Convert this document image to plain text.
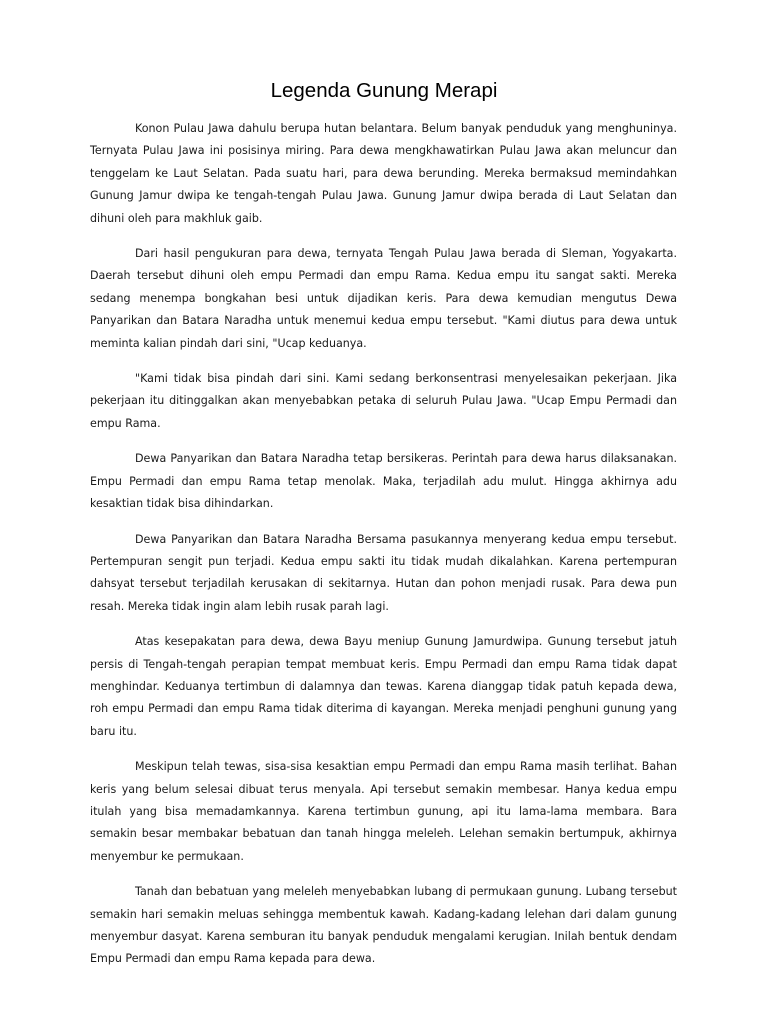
Legenda Gunung Merapi

Konon Pulau Jawa dahulu berupa hutan belantara. Belum banyak penduduk yang menghuninya. Ternyata Pulau Jawa ini posisinya miring. Para dewa mengkhawatirkan Pulau Jawa akan meluncur dan tenggelam ke Laut Selatan. Pada suatu hari, para dewa berunding. Mereka bermaksud memindahkan Gunung Jamur dwipa ke tengah-tengah Pulau Jawa. Gunung Jamur dwipa berada di Laut Selatan dan dihuni oleh para makhluk gaib.

Dari hasil pengukuran para dewa, ternyata Tengah Pulau Jawa berada di Sleman, Yogyakarta. Daerah tersebut dihuni oleh empu Permadi dan empu Rama. Kedua empu itu sangat sakti. Mereka sedang menempa bongkahan besi untuk dijadikan keris. Para dewa kemudian mengutus Dewa Panyarikan dan Batara Naradha untuk menemui kedua empu tersebut. "Kami diutus para dewa untuk meminta kalian pindah dari sini, "Ucap keduanya.

"Kami tidak bisa pindah dari sini. Kami sedang berkonsentrasi menyelesaikan pekerjaan. Jika pekerjaan itu ditinggalkan akan menyebabkan petaka di seluruh Pulau Jawa. "Ucap Empu Permadi dan empu Rama.

Dewa Panyarikan dan Batara Naradha tetap bersikeras. Perintah para dewa harus dilaksanakan. Empu Permadi dan empu Rama tetap menolak. Maka, terjadilah adu mulut. Hingga akhirnya adu kesaktian tidak bisa dihindarkan.

Dewa Panyarikan dan Batara Naradha Bersama pasukannya menyerang kedua empu tersebut. Pertempuran sengit pun terjadi. Kedua empu sakti itu tidak mudah dikalahkan. Karena pertempuran dahsyat tersebut terjadilah kerusakan di sekitarnya. Hutan dan pohon menjadi rusak. Para dewa pun resah. Mereka tidak ingin alam lebih rusak parah lagi.

Atas kesepakatan para dewa, dewa Bayu meniup Gunung Jamurdwipa. Gunung tersebut jatuh persis di Tengah-tengah perapian tempat membuat keris. Empu Permadi dan empu Rama tidak dapat menghindar. Keduanya tertimbun di dalamnya dan tewas. Karena dianggap tidak patuh kepada dewa, roh empu Permadi dan empu Rama tidak diterima di kayangan. Mereka menjadi penghuni gunung yang baru itu.

Meskipun telah tewas, sisa-sisa kesaktian empu Permadi dan empu Rama masih terlihat. Bahan keris yang belum selesai dibuat terus menyala. Api tersebut semakin membesar. Hanya kedua empu itulah yang bisa memadamkannya. Karena tertimbun gunung, api itu lama-lama membara. Bara semakin besar membakar bebatuan dan tanah hingga meleleh. Lelehan semakin bertumpuk, akhirnya menyembur ke permukaan.

Tanah dan bebatuan yang meleleh menyebabkan lubang di permukaan gunung. Lubang tersebut semakin hari semakin meluas sehingga membentuk kawah. Kadang-kadang lelehan dari dalam gunung menyembur dasyat. Karena semburan itu banyak penduduk mengalami kerugian. Inilah bentuk dendam Empu Permadi dan empu Rama kepada para dewa.
